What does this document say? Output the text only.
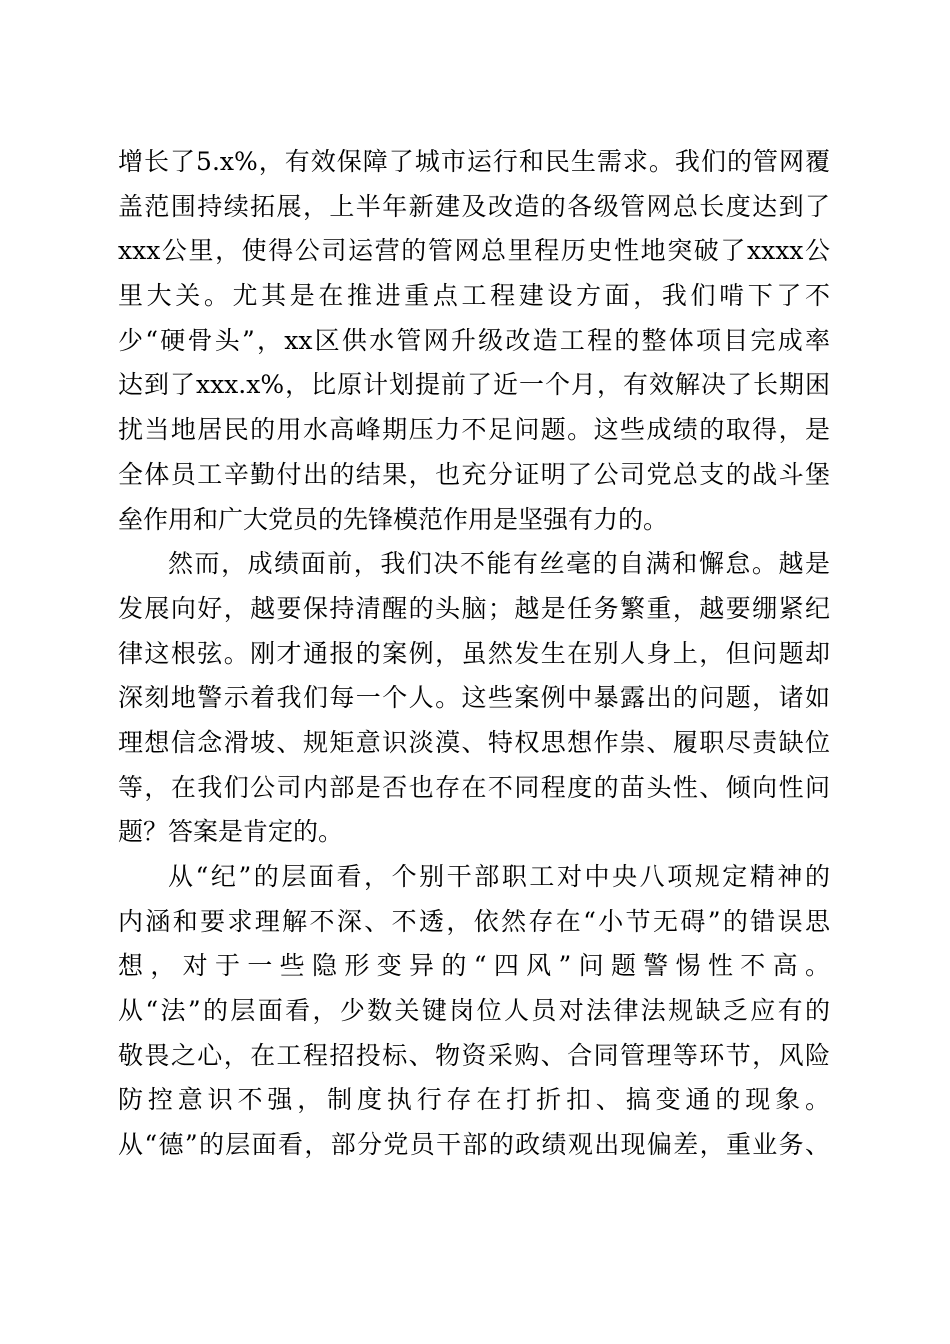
增长了5.x%，有效保障了城市运行和民生需求。我们的管网覆
盖范围持续拓展，上半年新建及改造的各级管网总长度达到了
xxx公里，使得公司运营的管网总里程历史性地突破了xxxx公
里大关。尤其是在推进重点工程建设方面，我们啃下了不
少“硬骨头”，xx区供水管网升级改造工程的整体项目完成率
达到了xxx.x%，比原计划提前了近一个月，有效解决了长期困
扰当地居民的用水高峰期压力不足问题。这些成绩的取得，是
全体员工辛勤付出的结果，也充分证明了公司党总支的战斗堡
垒作用和广大党员的先锋模范作用是坚强有力的。
然而，成绩面前，我们决不能有丝毫的自满和懈怠。越是
发展向好，越要保持清醒的头脑；越是任务繁重，越要绷紧纪
律这根弦。刚才通报的案例，虽然发生在别人身上，但问题却
深刻地警示着我们每一个人。这些案例中暴露出的问题，诸如
理想信念滑坡、规矩意识淡漠、特权思想作祟、履职尽责缺位
等，在我们公司内部是否也存在不同程度的苗头性、倾向性问
题？答案是肯定的。
从“纪”的层面看，个别干部职工对中央八项规定精神的
内涵和要求理解不深、不透，依然存在“小节无碍”的错误思
想，对于一些隐形变异的“四风”问题警惕性不高。
从“法”的层面看，少数关键岗位人员对法律法规缺乏应有的
敬畏之心，在工程招投标、物资采购、合同管理等环节，风险
防控意识不强，制度执行存在打折扣、搞变通的现象。
从“德”的层面看，部分党员干部的政绩观出现偏差，重业务、
